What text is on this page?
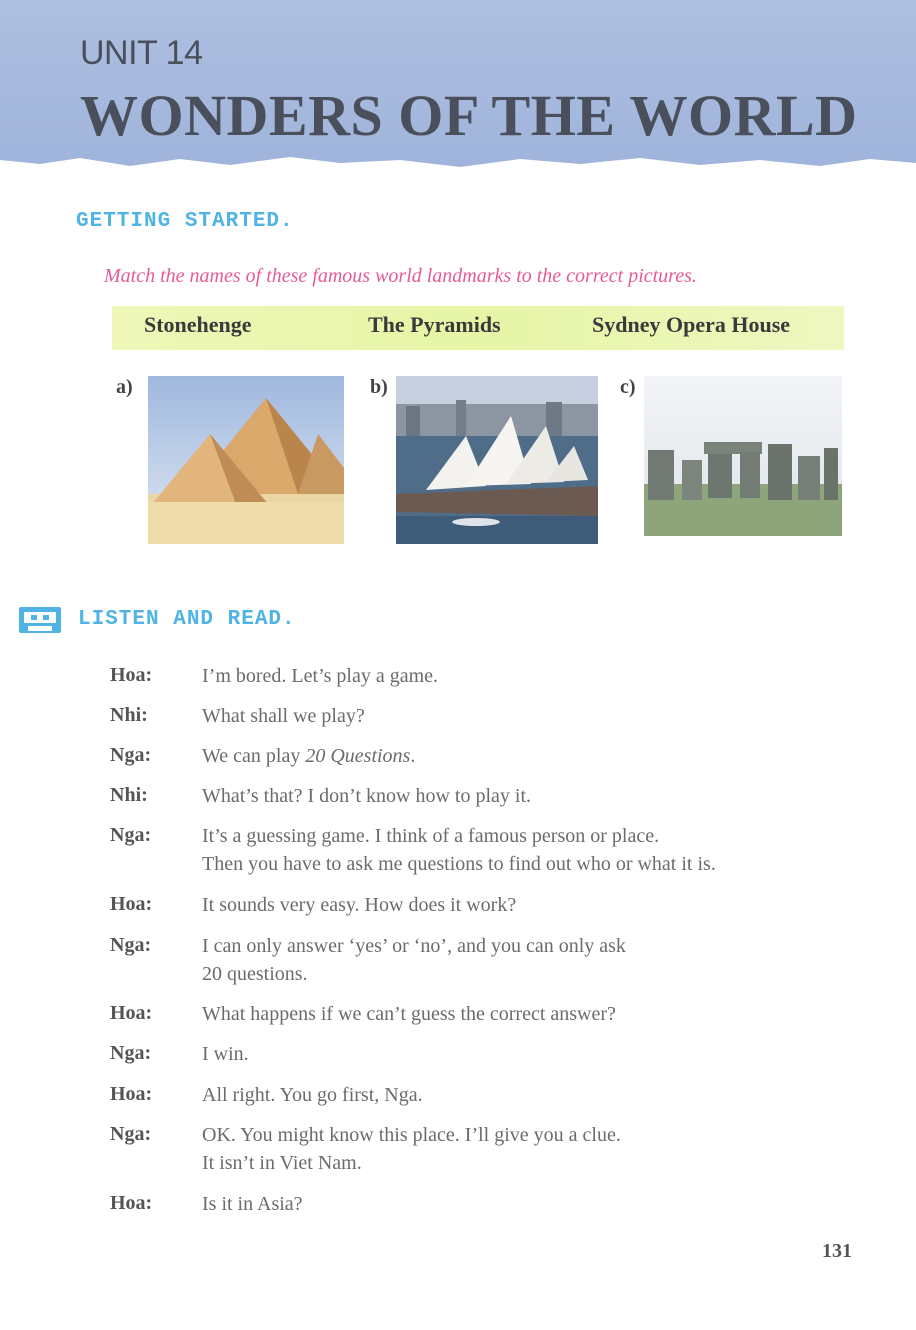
UNIT 14
WONDERS OF THE WORLD
GETTING STARTED.
Match the names of these famous world landmarks to the correct pictures.
Stonehenge	The Pyramids	Sydney Opera House
a)	b)	c)
LISTEN AND READ.
Hoa: I’m bored. Let’s play a game.
Nhi:	What shall we play?
Nga:	We can play 20 Questions.
Nhi:	What’s that? I don’t know how to play it.
Nga:	It’s a guessing game. I think of a famous person or place.
Then you have to ask me questions to find out who or what it is.
Hoa: It sounds very easy. How does it work?
Nga:	I can only answer ‘yes’ or ‘no’, and you can only ask
20 questions.
Hoa: What happens if we can’t guess the correct answer?
Nga:	I win.
Hoa: All right. You go first, Nga.
Nga:	OK. You might know this place. I’ll give you a clue.
It isn’t in Viet Nam.
Hoa: Is it in Asia?
131
